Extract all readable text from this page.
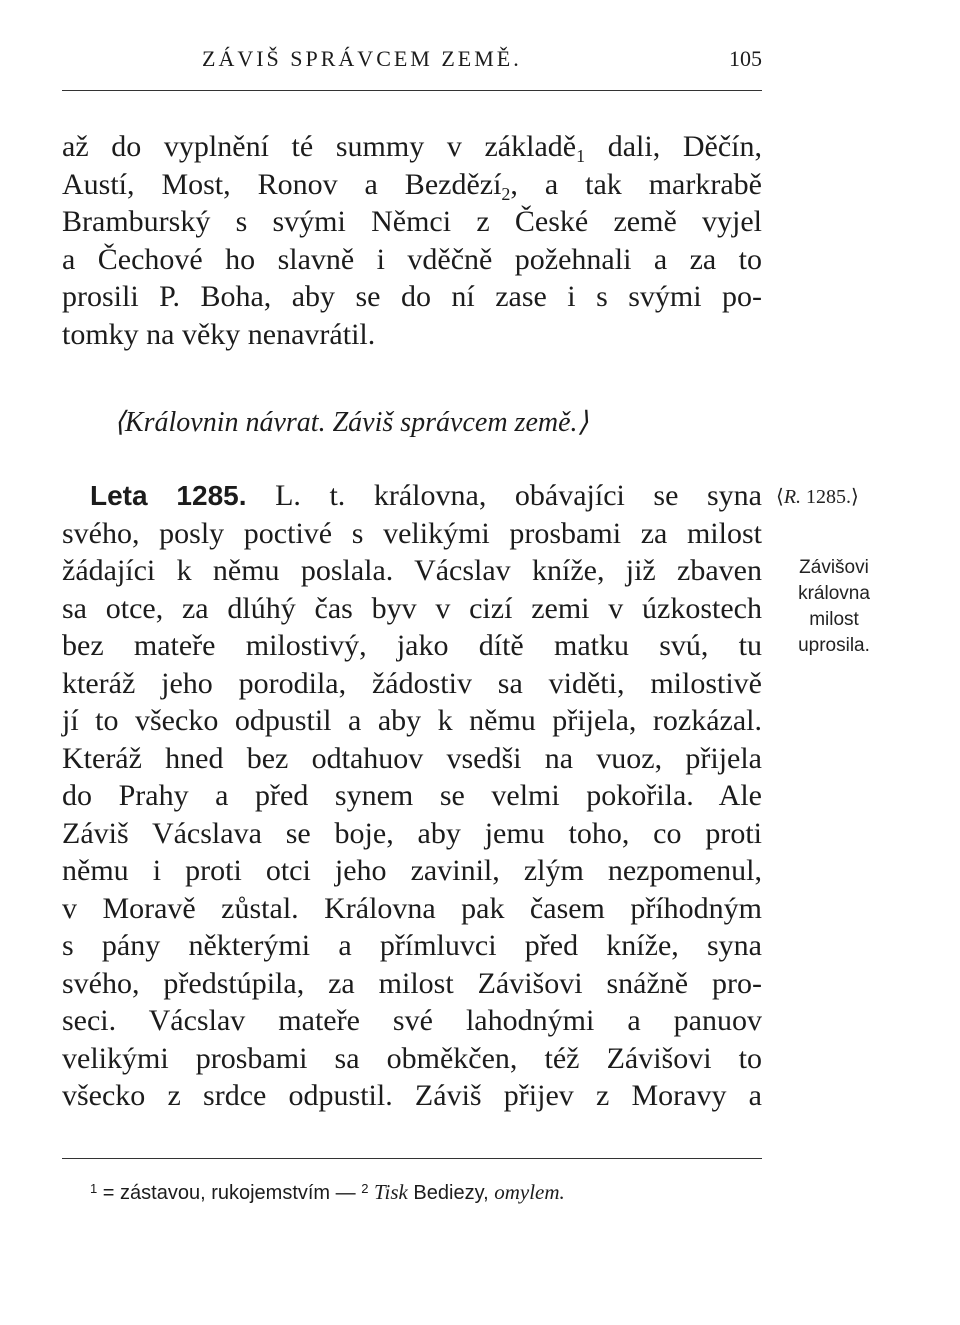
ZÁVIŠ SPRÁVCEM ZEMĚ.	105
až do vyplnění té summy v základě$_1$ dali, Děčín,
Austí, Most, Ronov a Bezdězí$_2$, a tak markrabě
Bramburský s svými Němci z České země vyjel
a Čechové ho slavně i vděčně požehnali a za to
prosili P. Boha, aby se do ní zase i s svými po-
tomky na věky nenavrátil.
⟨Královnin návrat. Záviš správcem země.⟩
Leta 1285. L. t. královna, obávajíci se syna
svého, posly poctivé s velikými prosbami za milost
žádajíci k němu poslala. Vácslav kníže, již zbaven
sa otce, za dlúhý čas byv v cizí zemi v úzkostech
bez mateře milostivý, jako dítě matku svú, tu
kteráž jeho porodila, žádostiv sa viděti, milostivě
jí to všecko odpustil a aby k němu přijela, rozkázal.
Kteráž hned bez odtahuov vsedši na vuoz, přijela
do Prahy a před synem se velmi pokořila. Ale
Záviš Vácslava se boje, aby jemu toho, co proti
němu i proti otci jeho zavinil, zlým nezpomenul,
v Moravě zůstal. Královna pak časem příhodným
s pány některými a přímluvci před kníže, syna
svého, předstúpila, za milost Závišovi snážně pro-
seci. Vácslav mateře své lahodnými a panuov
velikými prosbami sa obměkčen, též Závišovi to
všecko z srdce odpustil. Záviš přijev z Moravy a
⟨R. 1285.⟩
Závišovi
královna
milost
uprosila.
$^1$ = zástavou, rukojemstvím — $^2$ Tisk Bediezy, omylem.
